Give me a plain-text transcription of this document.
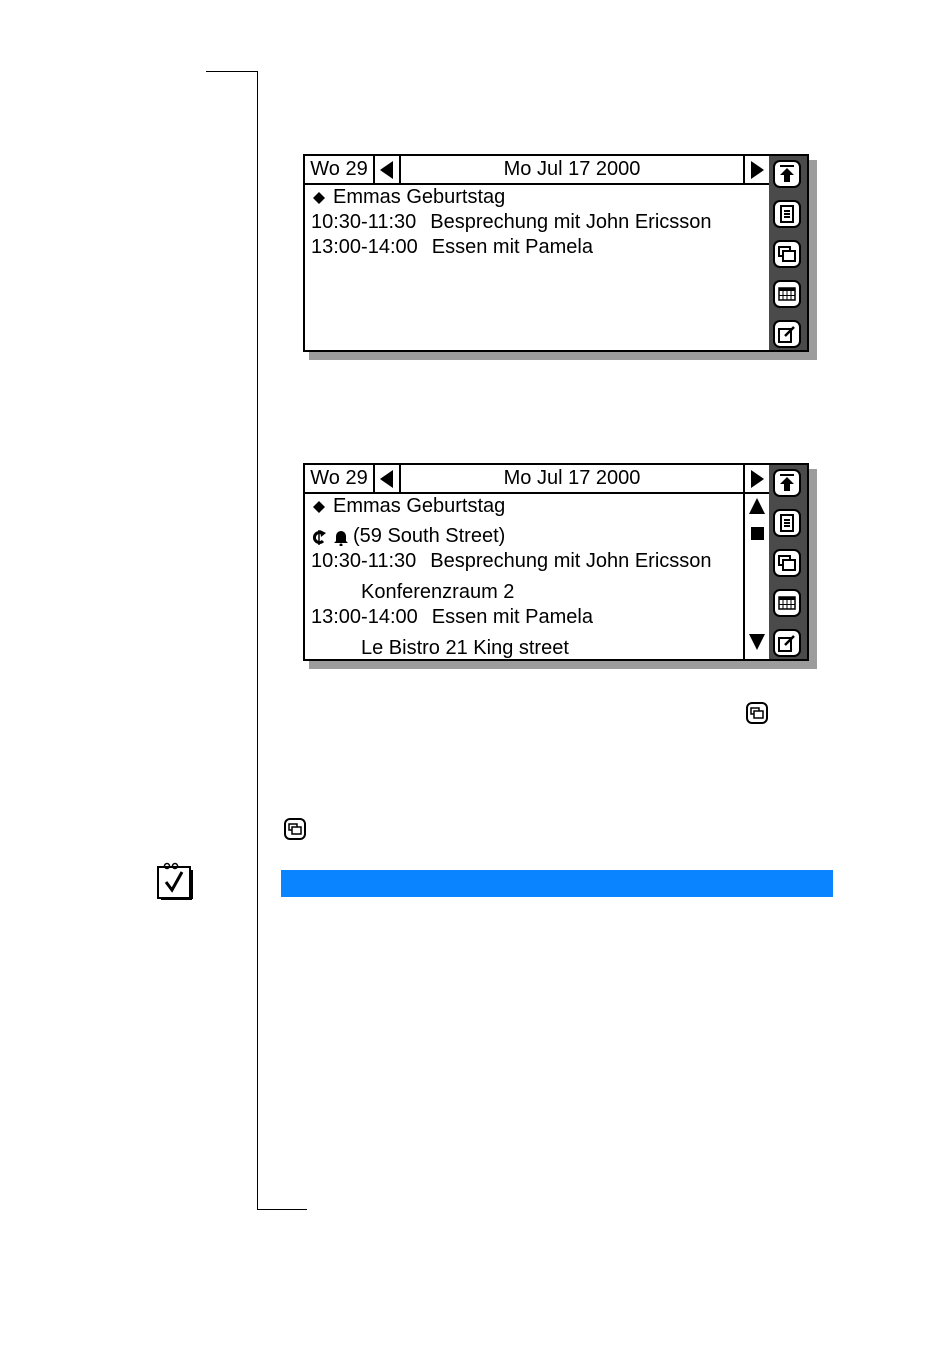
Wo 29	Mo Jul 17 2000
Emmas Geburtstag
10:30-11:30 Besprechung mit John Ericsson
13:00-14:00 Essen mit Pamela
Wo 29	Mo Jul 17 2000
Emmas Geburtstag
(59 South Street)
10:30-11:30 Besprechung mit John Ericsson
Konferenzraum 2
13:00-14:00 Essen mit Pamela
Le Bistro 21 King street
